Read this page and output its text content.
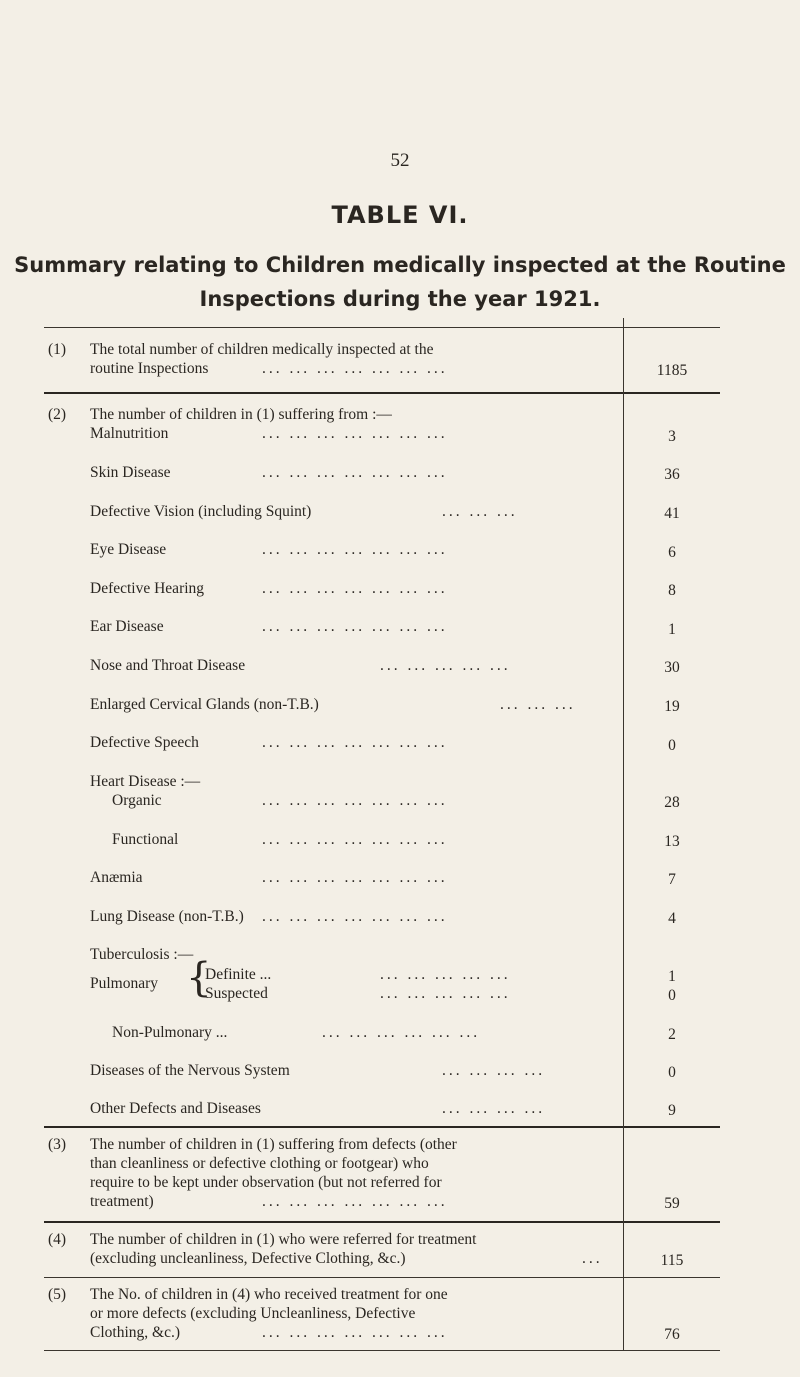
52
TABLE VI.
Summary relating to Children medically inspected at the Routine
Inspections during the year 1921.
(1) The total number of children medically inspected at the
routine Inspections	... ... ... ... ... ... ...	1185
(2) The number of children in (1) suffering from :—
Malnutrition	... ... ... ... ... ... ...	3
Skin Disease	... ... ... ... ... ... ...	36
Defective Vision (including Squint)	... ... ...	41
Eye Disease	... ... ... ... ... ... ...	6
Defective Hearing	... ... ... ... ... ... ...	8
Ear Disease	... ... ... ... ... ... ...	1
Nose and Throat Disease	... ... ... ... ...	30
Enlarged Cervical Glands (non-T.B.)	... ... ...	19
Defective Speech	... ... ... ... ... ... ...	0
Heart Disease :—
Organic	... ... ... ... ... ... ...	28
Functional	... ... ... ... ... ... ...	13
Anæmia	... ... ... ... ... ... ...	7
Lung Disease (non-T.B.) ... ... ... ... ... ... ...	4
Tuberculosis :—
Pulmonary {
Definite ...	... ... ... ... ...	1
Suspected	... ... ... ... ...	0
Non-Pulmonary ...	... ... ... ... ... ...	2
Diseases of the Nervous System	... ... ... ...	0
Other Defects and Diseases	... ... ... ...	9
(3) The number of children in (1) suffering from defects (other
than cleanliness or defective clothing or footgear) who
require to be kept under observation (but not referred for
treatment)	... ... ... ... ... ... ...	59
(4) The number of children in (1) who were referred for treatment
(excluding uncleanliness, Defective Clothing, &c.)	...	115
(5) The No. of children in (4) who received treatment for one
or more defects (excluding Uncleanliness, Defective
Clothing, &c.)	... ... ... ... ... ... ...	76
